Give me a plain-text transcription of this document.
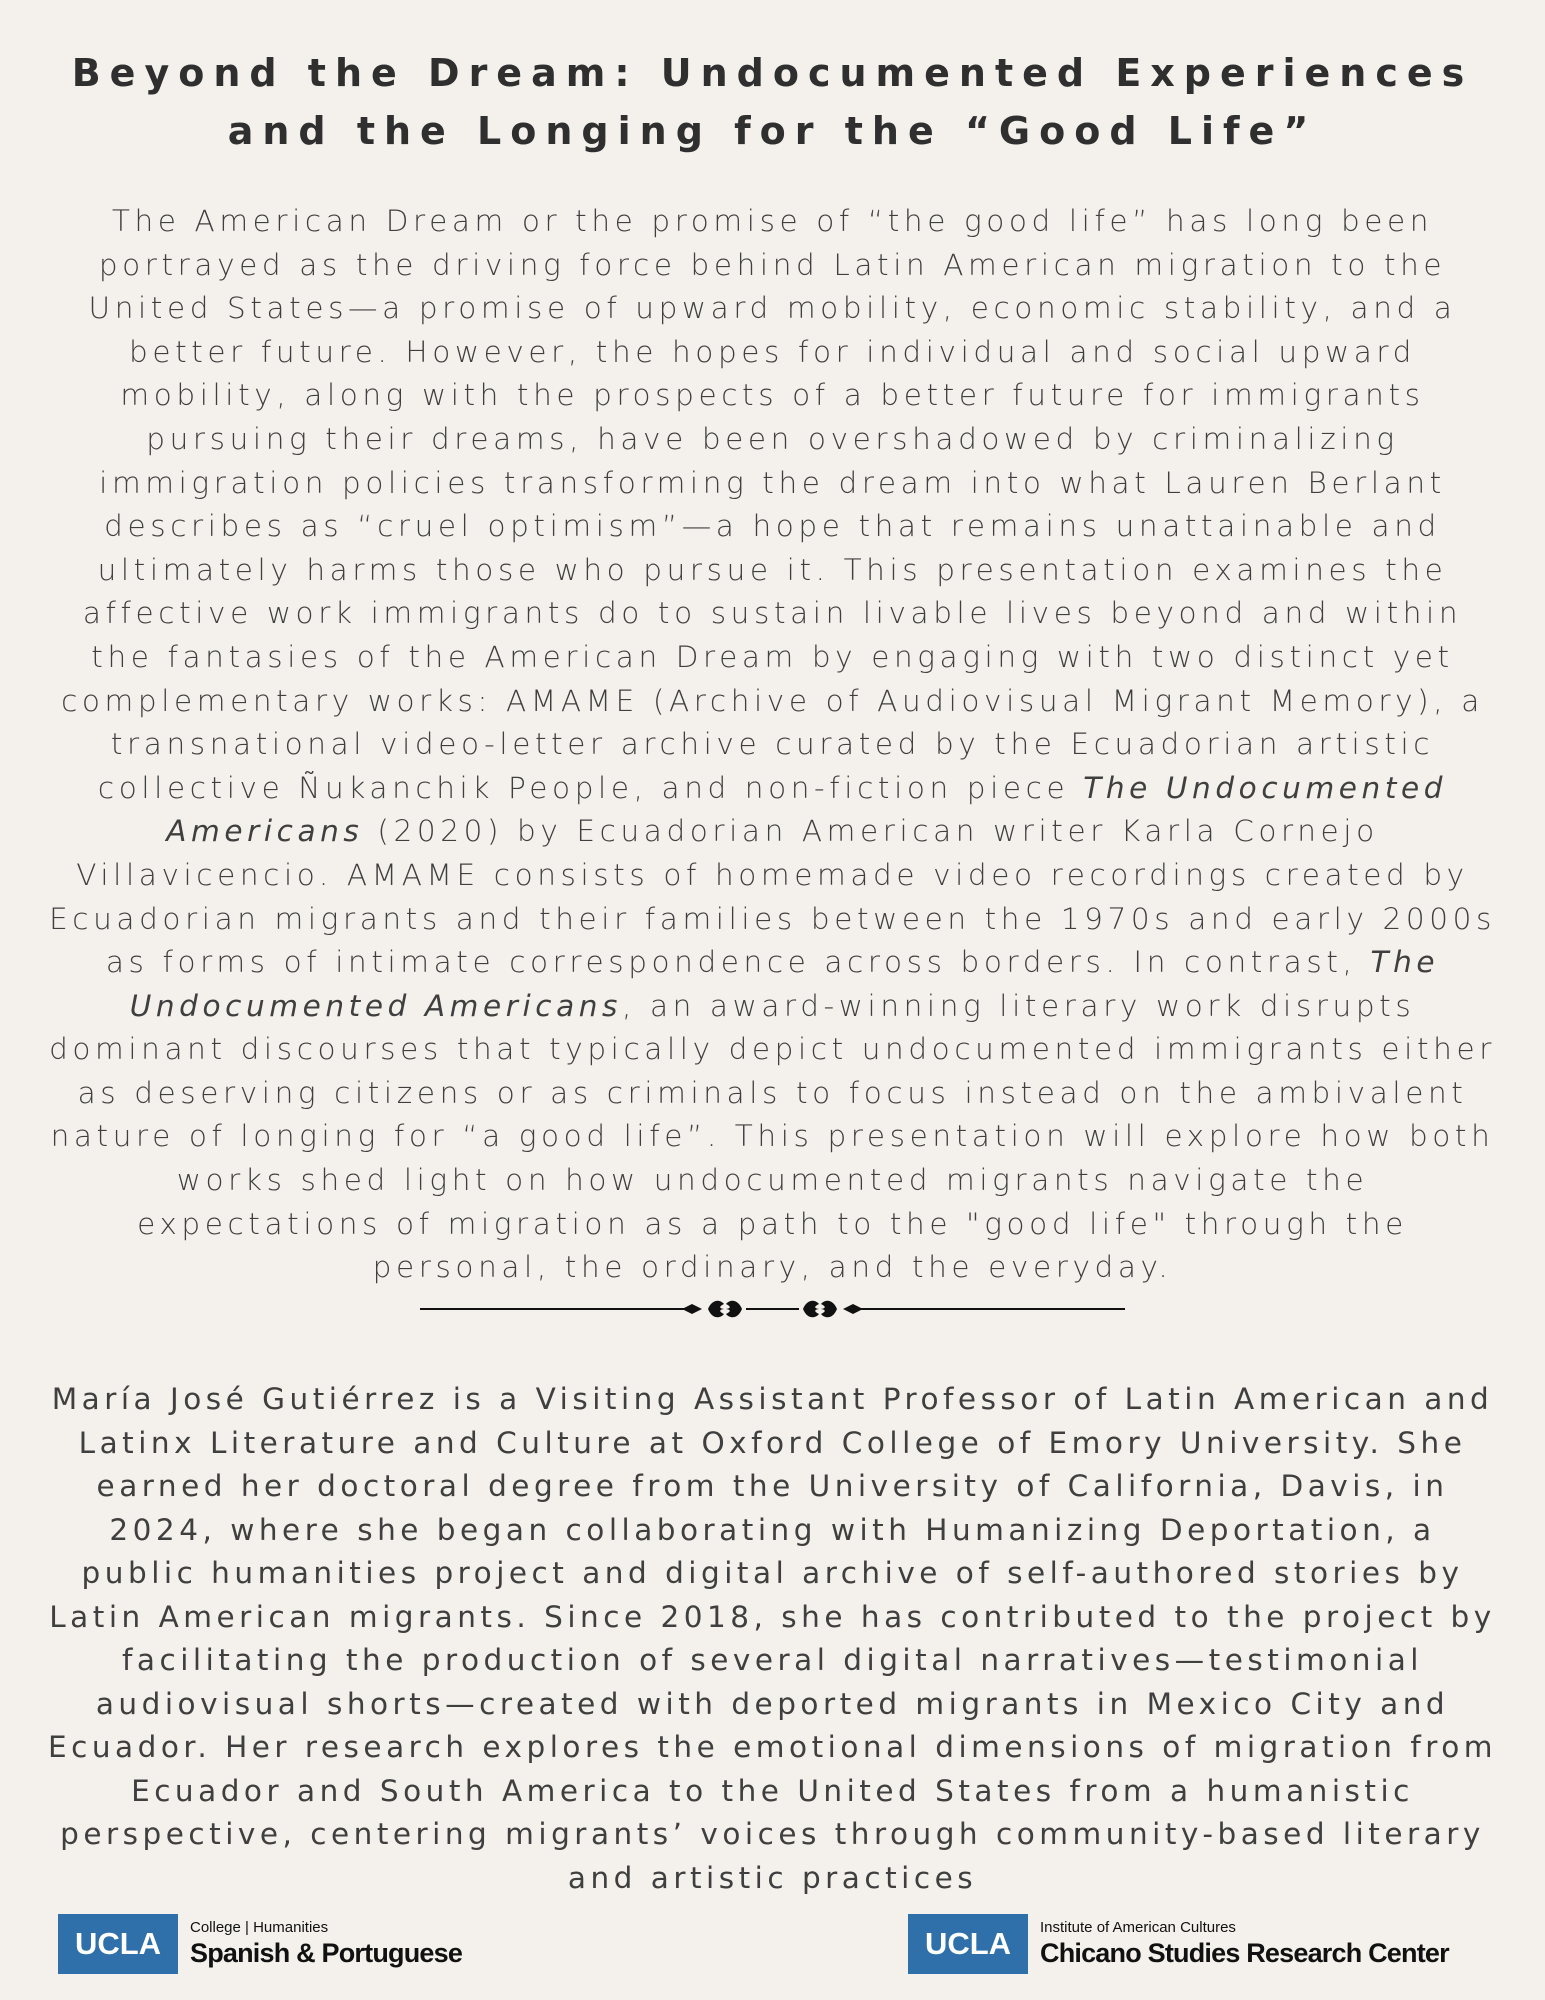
Beyond the Dream: Undocumented Experiences and the Longing for the “Good Life”

The American Dream or the promise of “the good life” has long been portrayed as the driving force behind Latin American migration to the United States—a promise of upward mobility, economic stability, and a better future. However, the hopes for individual and social upward mobility, along with the prospects of a better future for immigrants pursuing their dreams, have been overshadowed by criminalizing immigration policies transforming the dream into what Lauren Berlant describes as “cruel optimism”—a hope that remains unattainable and ultimately harms those who pursue it. This presentation examines the affective work immigrants do to sustain livable lives beyond and within the fantasies of the American Dream by engaging with two distinct yet complementary works: AMAME (Archive of Audiovisual Migrant Memory), a transnational video-letter archive curated by the Ecuadorian artistic collective Ñukanchik People, and non-fiction piece The Undocumented Americans (2020) by Ecuadorian American writer Karla Cornejo Villavicencio. AMAME consists of homemade video recordings created by Ecuadorian migrants and their families between the 1970s and early 2000s as forms of intimate correspondence across borders. In contrast, The Undocumented Americans, an award-winning literary work disrupts dominant discourses that typically depict undocumented immigrants either as deserving citizens or as criminals to focus instead on the ambivalent nature of longing for “a good life”. This presentation will explore how both works shed light on how undocumented migrants navigate the expectations of migration as a path to the "good life" through the personal, the ordinary, and the everyday.

María José Gutiérrez is a Visiting Assistant Professor of Latin American and Latinx Literature and Culture at Oxford College of Emory University. She earned her doctoral degree from the University of California, Davis, in 2024, where she began collaborating with Humanizing Deportation, a public humanities project and digital archive of self-authored stories by Latin American migrants. Since 2018, she has contributed to the project by facilitating the production of several digital narratives—testimonial audiovisual shorts—created with deported migrants in Mexico City and Ecuador. Her research explores the emotional dimensions of migration from Ecuador and South America to the United States from a humanistic perspective, centering migrants’ voices through community-based literary and artistic practices

UCLA	College | Humanities
Spanish & Portuguese	UCLA	Institute of American Cultures
Chicano Studies Research Center
